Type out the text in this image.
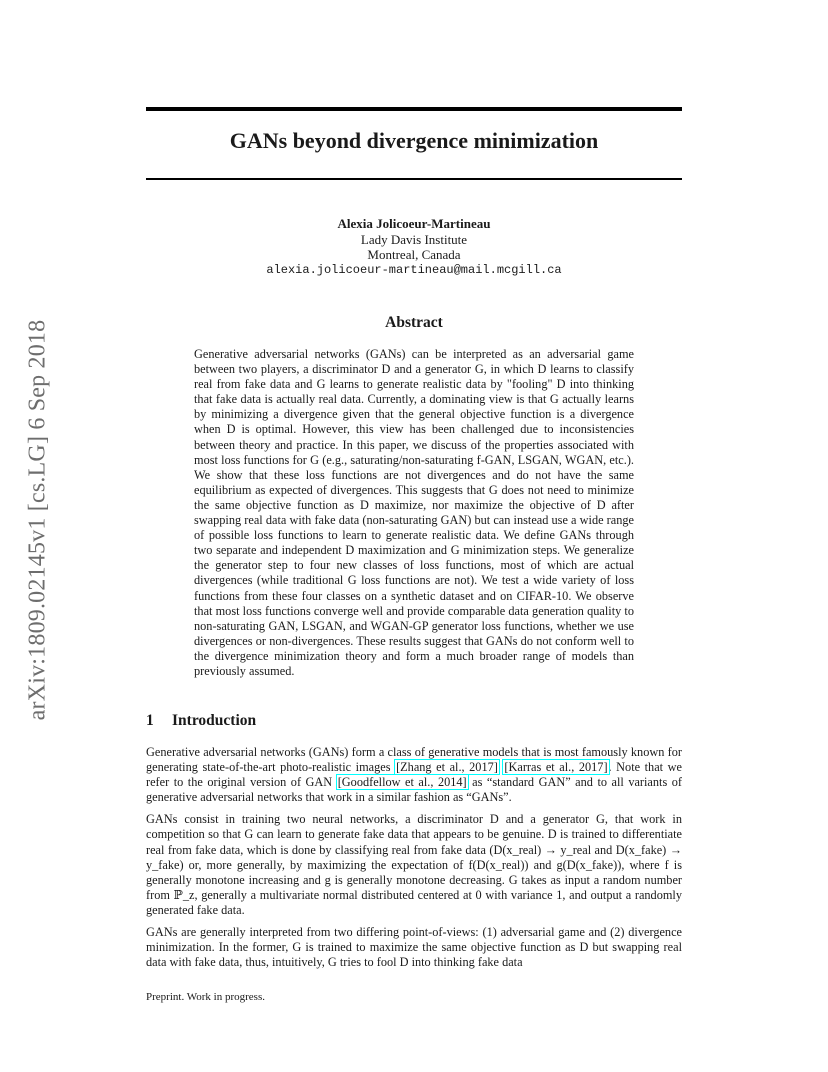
arXiv:1809.02145v1 [cs.LG] 6 Sep 2018
GANs beyond divergence minimization
Alexia Jolicoeur-Martineau
Lady Davis Institute
Montreal, Canada
alexia.jolicoeur-martineau@mail.mcgill.ca
Abstract

Generative adversarial networks (GANs) can be interpreted as an adversarial game between two players, a discriminator D and a generator G, in which D learns to classify real from fake data and G learns to generate realistic data by "fooling" D into thinking that fake data is actually real data. Currently, a dominating view is that G actually learns by minimizing a divergence given that the general objective function is a divergence when D is optimal. However, this view has been challenged due to inconsistencies between theory and practice. In this paper, we discuss of the properties associated with most loss functions for G (e.g., saturating/non-saturating f-GAN, LSGAN, WGAN, etc.). We show that these loss functions are not divergences and do not have the same equilibrium as expected of divergences. This suggests that G does not need to minimize the same objective function as D maximize, nor maximize the objective of D after swapping real data with fake data (non-saturating GAN) but can instead use a wide range of possible loss functions to learn to generate realistic data. We define GANs through two separate and independent D maximization and G minimization steps. We generalize the generator step to four new classes of loss functions, most of which are actual divergences (while traditional G loss functions are not). We test a wide variety of loss functions from these four classes on a synthetic dataset and on CIFAR-10. We observe that most loss functions converge well and provide comparable data generation quality to non-saturating GAN, LSGAN, and WGAN-GP generator loss functions, whether we use divergences or non-divergences. These results suggest that GANs do not conform well to the divergence minimization theory and form a much broader range of models than previously assumed.

1 Introduction

Generative adversarial networks (GANs) form a class of generative models that is most famously known for generating state-of-the-art photo-realistic images [Zhang et al., 2017] [Karras et al., 2017]. Note that we refer to the original version of GAN [Goodfellow et al., 2014] as “standard GAN” and to all variants of generative adversarial networks that work in a similar fashion as “GANs”.

GANs consist in training two neural networks, a discriminator D and a generator G, that work in competition so that G can learn to generate fake data that appears to be genuine. D is trained to differentiate real from fake data, which is done by classifying real from fake data (D(x_real) → y_real and D(x_fake) → y_fake) or, more generally, by maximizing the expectation of f(D(x_real)) and g(D(x_fake)), where f is generally monotone increasing and g is generally monotone decreasing. G takes as input a random number from ℙ_z, generally a multivariate normal distributed centered at 0 with variance 1, and output a randomly generated fake data.

GANs are generally interpreted from two differing point-of-views: (1) adversarial game and (2) divergence minimization. In the former, G is trained to maximize the same objective function as D but swapping real data with fake data, thus, intuitively, G tries to fool D into thinking fake data

Preprint. Work in progress.
